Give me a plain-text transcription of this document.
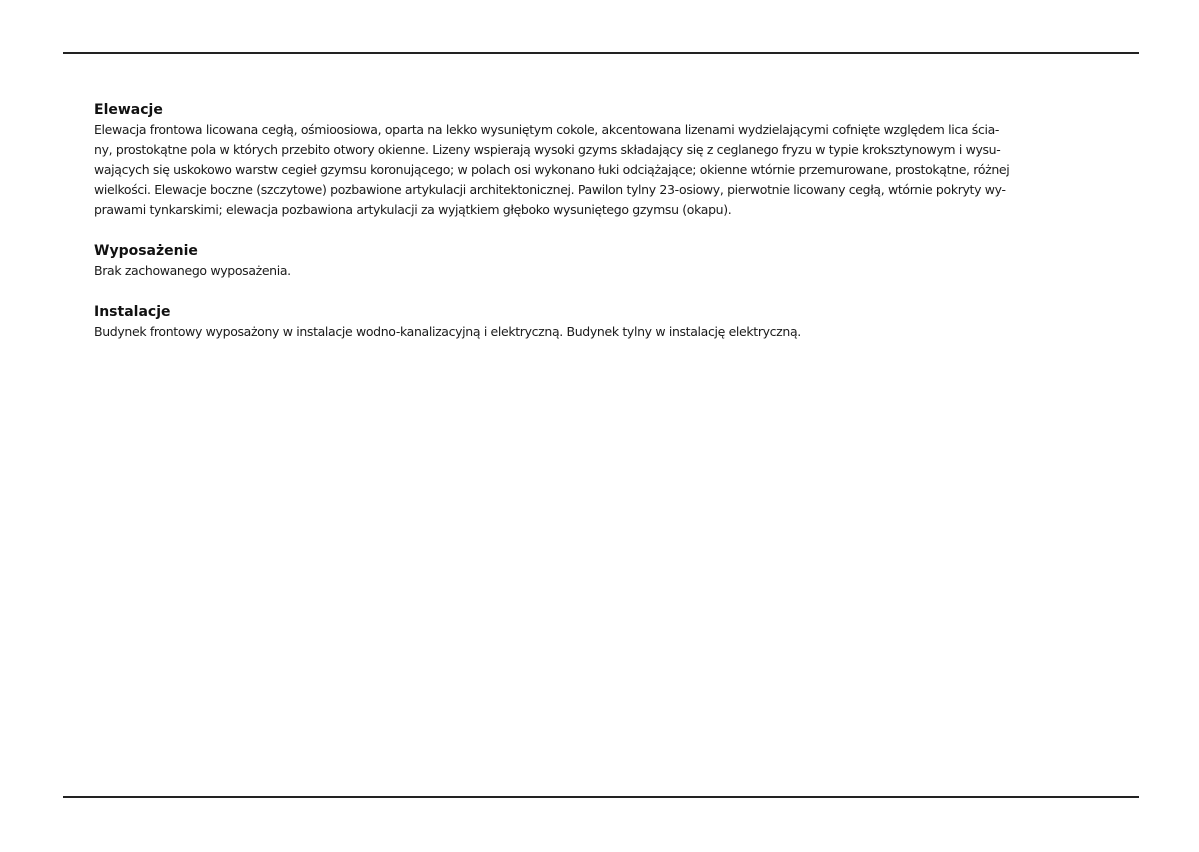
Elewacje

Elewacja frontowa licowana cegłą, ośmioosiowa, oparta na lekko wysuniętym cokole, akcentowana lizenami wydzielającymi cofnięte względem lica ścia-
ny, prostokątne pola w których przebito otwory okienne. Lizeny wspierają wysoki gzyms składający się z ceglanego fryzu w typie kroksztynowym i wysu-
wających się uskokowo warstw cegieł gzymsu koronującego; w polach osi wykonano łuki odciążające; okienne wtórnie przemurowane, prostokątne, różnej
wielkości. Elewacje boczne (szczytowe) pozbawione artykulacji architektonicznej. Pawilon tylny 23-osiowy, pierwotnie licowany cegłą, wtórnie pokryty wy-
prawami tynkarskimi; elewacja pozbawiona artykulacji za wyjątkiem głęboko wysuniętego gzymsu (okapu).

Wyposażenie

Brak zachowanego wyposażenia.

Instalacje

Budynek frontowy wyposażony w instalacje wodno-kanalizacyjną i elektryczną. Budynek tylny w instalację elektryczną.
